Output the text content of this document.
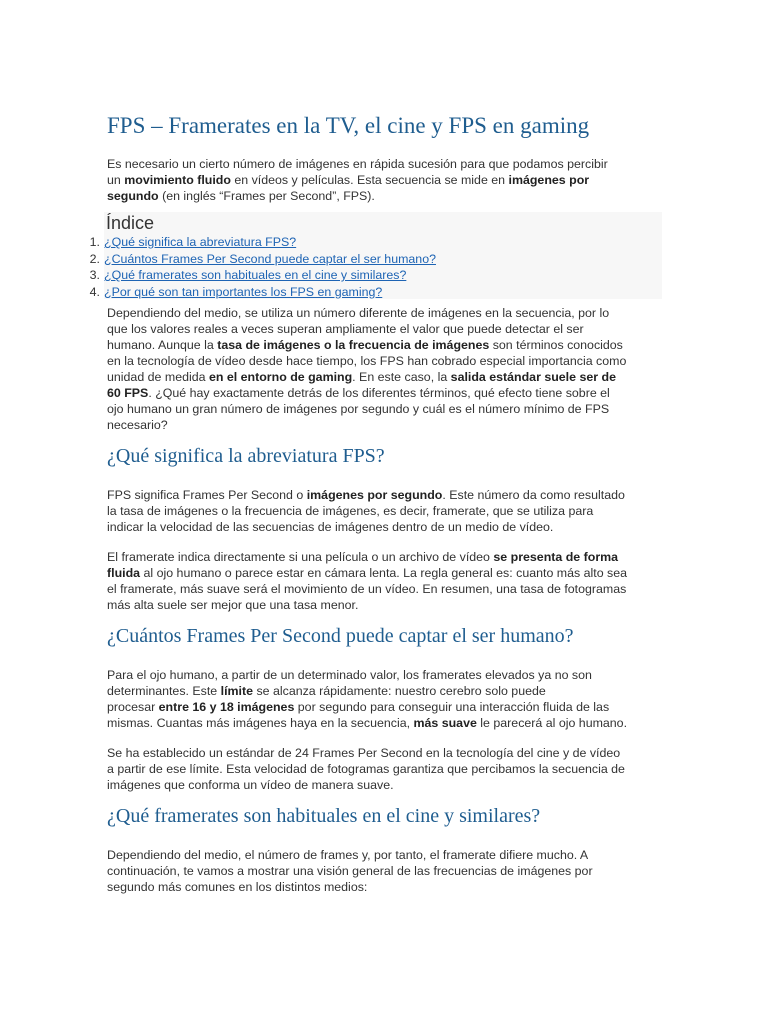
FPS – Framerates en la TV, el cine y FPS en gaming
Es necesario un cierto número de imágenes en rápida sucesión para que podamos percibir
un movimiento fluido en vídeos y películas. Esta secuencia se mide en imágenes por
segundo (en inglés “Frames per Second”, FPS).
Índice
1. ¿Qué significa la abreviatura FPS?
2. ¿Cuántos Frames Per Second puede captar el ser humano?
3. ¿Qué framerates son habituales en el cine y similares?
4. ¿Por qué son tan importantes los FPS en gaming?
Dependiendo del medio, se utiliza un número diferente de imágenes en la secuencia, por lo
que los valores reales a veces superan ampliamente el valor que puede detectar el ser
humano. Aunque la tasa de imágenes o la frecuencia de imágenes son términos conocidos
en la tecnología de vídeo desde hace tiempo, los FPS han cobrado especial importancia como
unidad de medida en el entorno de gaming. En este caso, la salida estándar suele ser de
60 FPS. ¿Qué hay exactamente detrás de los diferentes términos, qué efecto tiene sobre el
ojo humano un gran número de imágenes por segundo y cuál es el número mínimo de FPS
necesario?
¿Qué significa la abreviatura FPS?
FPS significa Frames Per Second o imágenes por segundo. Este número da como resultado
la tasa de imágenes o la frecuencia de imágenes, es decir, framerate, que se utiliza para
indicar la velocidad de las secuencias de imágenes dentro de un medio de vídeo.
El framerate indica directamente si una película o un archivo de vídeo se presenta de forma
fluida al ojo humano o parece estar en cámara lenta. La regla general es: cuanto más alto sea
el framerate, más suave será el movimiento de un vídeo. En resumen, una tasa de fotogramas
más alta suele ser mejor que una tasa menor.
¿Cuántos Frames Per Second puede captar el ser humano?
Para el ojo humano, a partir de un determinado valor, los framerates elevados ya no son
determinantes. Este límite se alcanza rápidamente: nuestro cerebro solo puede
procesar entre 16 y 18 imágenes por segundo para conseguir una interacción fluida de las
mismas. Cuantas más imágenes haya en la secuencia, más suave le parecerá al ojo humano.
Se ha establecido un estándar de 24 Frames Per Second en la tecnología del cine y de vídeo
a partir de ese límite. Esta velocidad de fotogramas garantiza que percibamos la secuencia de
imágenes que conforma un vídeo de manera suave.
¿Qué framerates son habituales en el cine y similares?
Dependiendo del medio, el número de frames y, por tanto, el framerate difiere mucho. A
continuación, te vamos a mostrar una visión general de las frecuencias de imágenes por
segundo más comunes en los distintos medios:
